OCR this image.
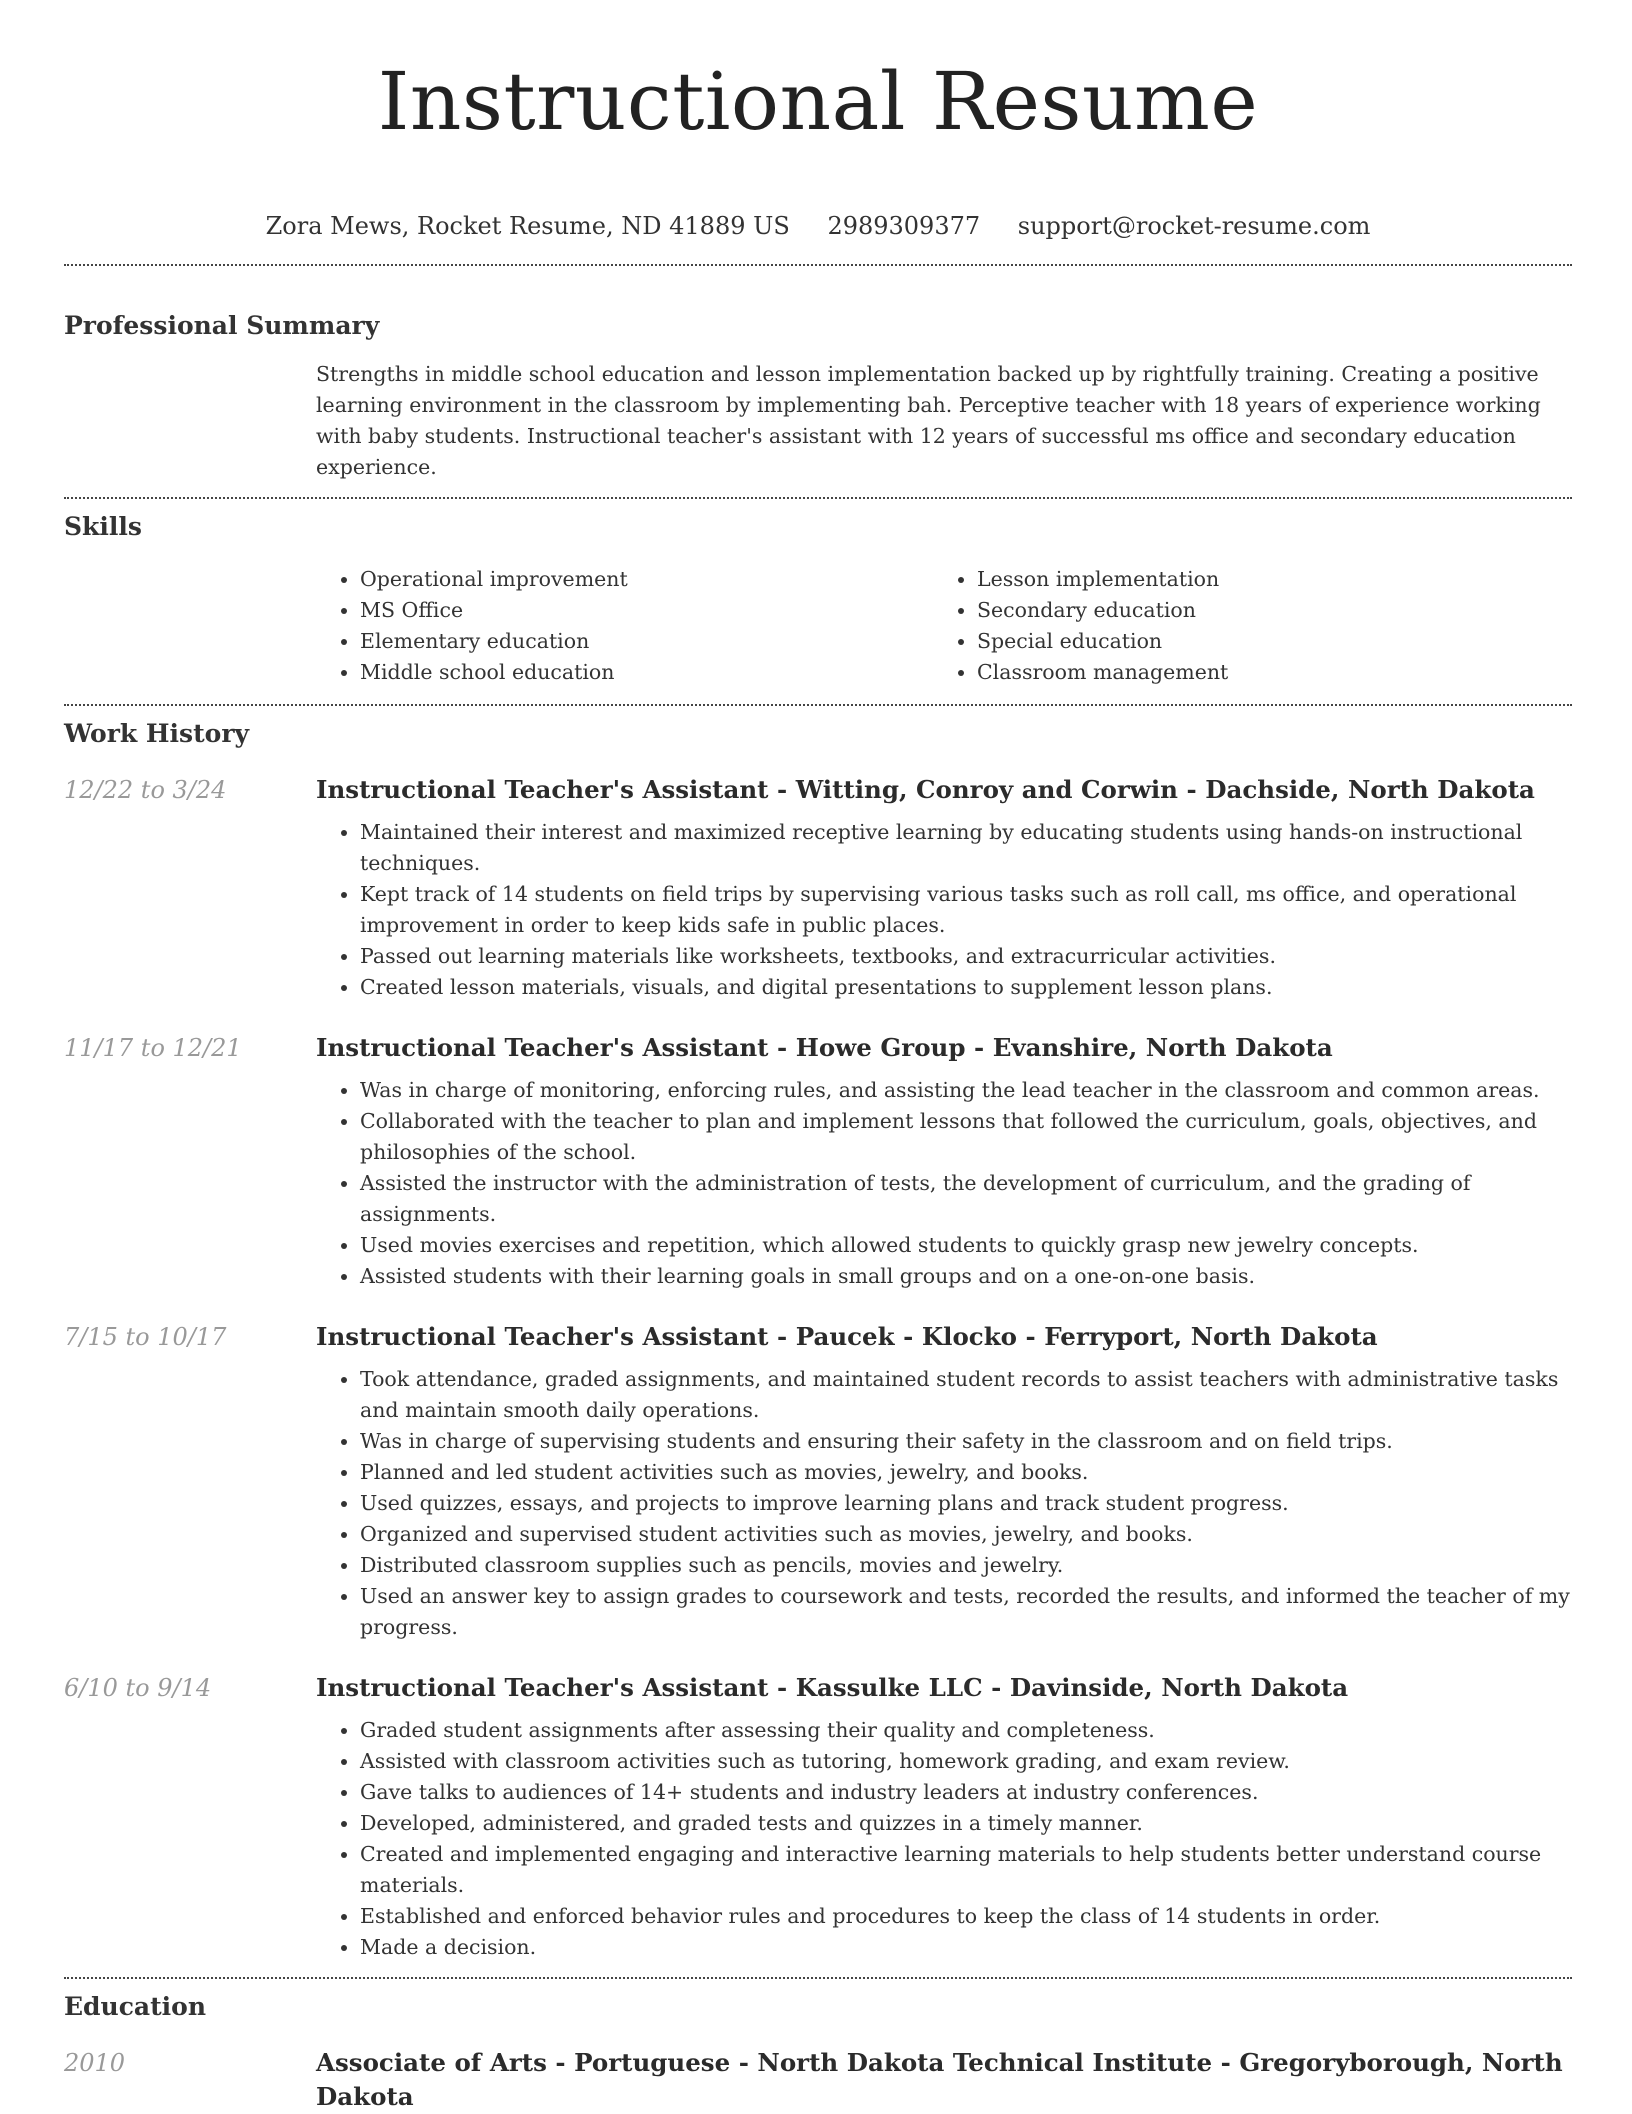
Instructional Resume
Zora Mews, Rocket Resume, ND 41889 US 2989309377 support@rocket-resume.com
Professional Summary

Strengths in middle school education and lesson implementation backed up by rightfully training. Creating a positive learning environment in the classroom by implementing bah. Perceptive teacher with 18 years of experience working with baby students. Instructional teacher's assistant with 12 years of successful ms office and secondary education experience.

Skills
• Operational improvement
• MS Office
• Elementary education
• Middle school education
• Lesson implementation
• Secondary education
• Special education
• Classroom management
Work History
12/22 to 3/24	Instructional Teacher's Assistant - Witting, Conroy and Corwin - Dachside, North Dakota
• Maintained their interest and maximized receptive learning by educating students using hands-on instructional techniques.
• Kept track of 14 students on field trips by supervising various tasks such as roll call, ms office, and operational improvement in order to keep kids safe in public places.
• Passed out learning materials like worksheets, textbooks, and extracurricular activities.
• Created lesson materials, visuals, and digital presentations to supplement lesson plans.
11/17 to 12/21	Instructional Teacher's Assistant - Howe Group - Evanshire, North Dakota
• Was in charge of monitoring, enforcing rules, and assisting the lead teacher in the classroom and common areas.
• Collaborated with the teacher to plan and implement lessons that followed the curriculum, goals, objectives, and philosophies of the school.
• Assisted the instructor with the administration of tests, the development of curriculum, and the grading of assignments.
• Used movies exercises and repetition, which allowed students to quickly grasp new jewelry concepts.
• Assisted students with their learning goals in small groups and on a one-on-one basis.
7/15 to 10/17	Instructional Teacher's Assistant - Paucek - Klocko - Ferryport, North Dakota
• Took attendance, graded assignments, and maintained student records to assist teachers with administrative tasks and maintain smooth daily operations.
• Was in charge of supervising students and ensuring their safety in the classroom and on field trips.
• Planned and led student activities such as movies, jewelry, and books.
• Used quizzes, essays, and projects to improve learning plans and track student progress.
• Organized and supervised student activities such as movies, jewelry, and books.
• Distributed classroom supplies such as pencils, movies and jewelry.
• Used an answer key to assign grades to coursework and tests, recorded the results, and informed the teacher of my progress.
6/10 to 9/14	Instructional Teacher's Assistant - Kassulke LLC - Davinside, North Dakota
• Graded student assignments after assessing their quality and completeness.
• Assisted with classroom activities such as tutoring, homework grading, and exam review.
• Gave talks to audiences of 14+ students and industry leaders at industry conferences.
• Developed, administered, and graded tests and quizzes in a timely manner.
• Created and implemented engaging and interactive learning materials to help students better understand course materials.
• Established and enforced behavior rules and procedures to keep the class of 14 students in order.
• Made a decision.
Education
2010	Associate of Arts - Portuguese - North Dakota Technical Institute - Gregoryborough, North Dakota
